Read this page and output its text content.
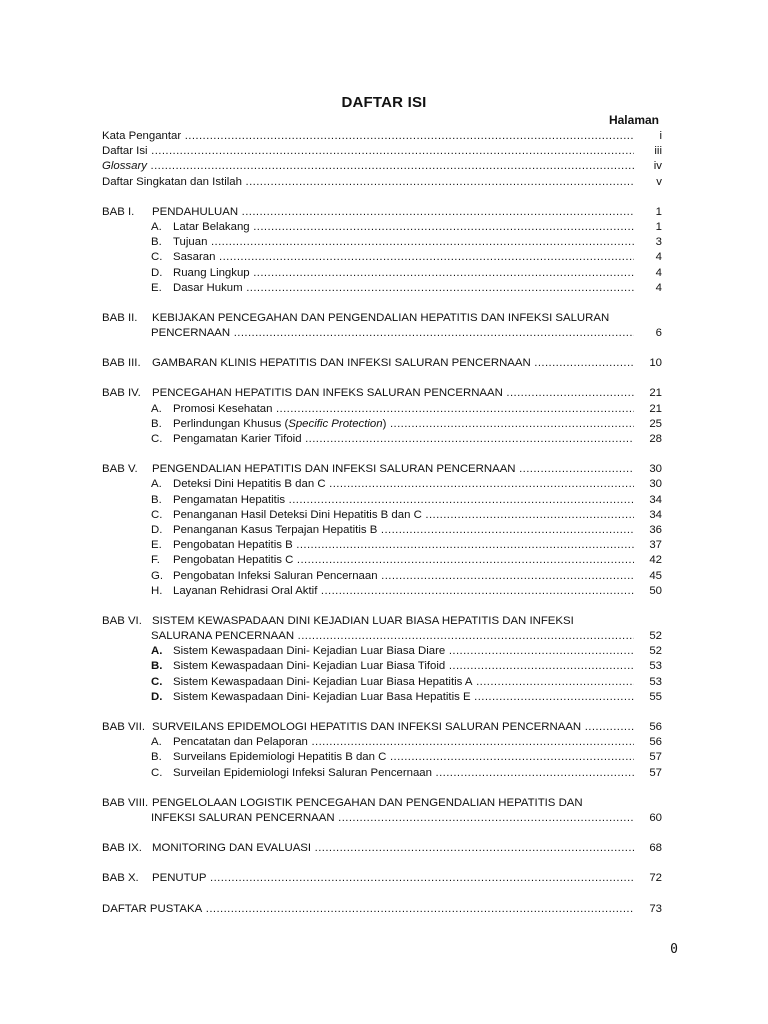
DAFTAR ISI
Halaman
Kata Pengantar .....	i
Daftar Isi .....	iii
Glossary .....	iv
Daftar Singkatan dan Istilah .....	v
BAB I. PENDAHULUAN .....	1
A. Latar Belakang .....	1
B. Tujuan .....	3
C. Sasaran .....	4
D. Ruang Lingkup .....	4
E. Dasar Hukum .....	4
BAB II. KEBIJAKAN PENCEGAHAN DAN PENGENDALIAN HEPATITIS DAN INFEKSI SALURAN
PENCERNAAN .....	6
BAB III. GAMBARAN KLINIS HEPATITIS DAN INFEKSI SALURAN PENCERNAAN .....	10
BAB IV. PENCEGAHAN HEPATITIS DAN INFEKS SALURAN PENCERNAAN .....	21
A. Promosi Kesehatan .....	21
B. Perlindungan Khusus (Specific Protection) .....	25
C. Pengamatan Karier Tifoid .....	28
BAB V. PENGENDALIAN HEPATITIS DAN INFEKSI SALURAN PENCERNAAN .....	30
A. Deteksi Dini Hepatitis B dan C .....	30
B. Pengamatan Hepatitis .....	34
C. Penanganan Hasil Deteksi Dini Hepatitis B dan C .....	34
D. Penanganan Kasus Terpajan Hepatitis B .....	36
E. Pengobatan Hepatitis B .....	37
F. Pengobatan Hepatitis C .....	42
G. Pengobatan Infeksi Saluran Pencernaan .....	45
H. Layanan Rehidrasi Oral Aktif .....	50
BAB VI. SISTEM KEWASPADAAN DINI KEJADIAN LUAR BIASA HEPATITIS DAN INFEKSI
SALURANA PENCERNAAN .....	52
A. Sistem Kewaspadaan Dini- Kejadian Luar Biasa Diare .....	52
B. Sistem Kewaspadaan Dini- Kejadian Luar Biasa Tifoid .....	53
C. Sistem Kewaspadaan Dini- Kejadian Luar Biasa Hepatitis A .....	53
D. Sistem Kewaspadaan Dini- Kejadian Luar Basa Hepatitis E .....	55
BAB VII. SURVEILANS EPIDEMOLOGI HEPATITIS DAN INFEKSI SALURAN PENCERNAAN .....	56
A. Pencatatan dan Pelaporan .....	56
B. Surveilans Epidemiologi Hepatitis B dan C .....	57
C. Surveilan Epidemiologi Infeksi Saluran Pencernaan .....	57
BAB VIII. PENGELOLAAN LOGISTIK PENCEGAHAN DAN PENGENDALIAN HEPATITIS DAN
INFEKSI SALURAN PENCERNAAN .....	60
BAB IX. MONITORING DAN EVALUASI .....	68
BAB X. PENUTUP .....	72
DAFTAR PUSTAKA .....	73
0
